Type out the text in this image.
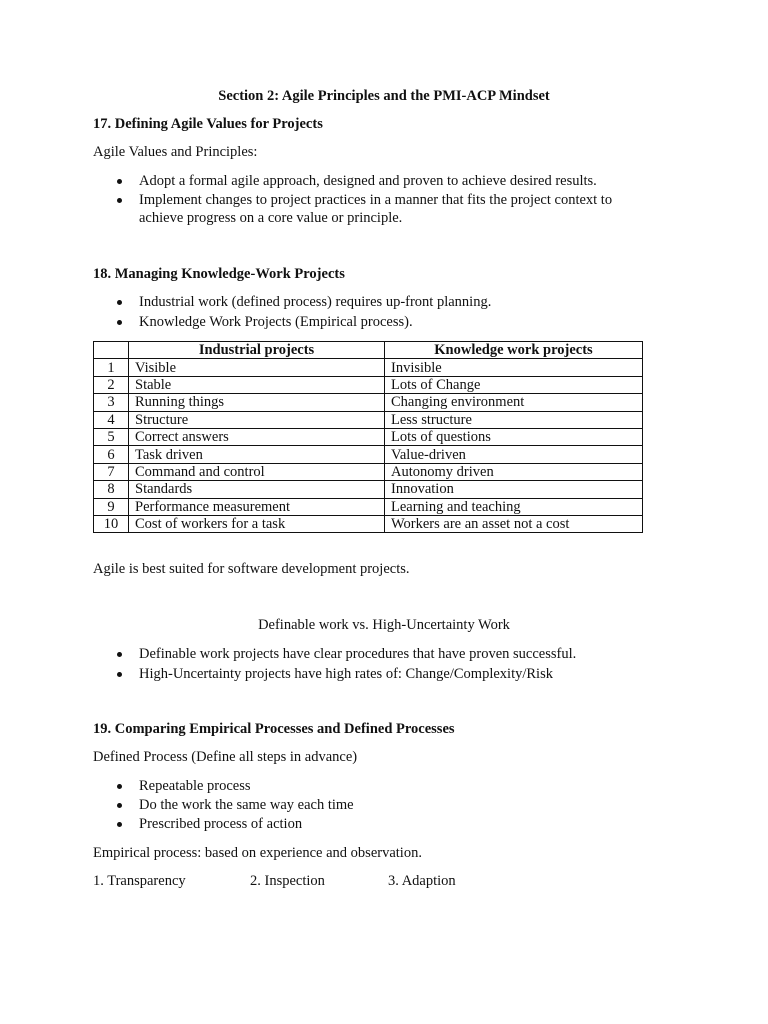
Section 2: Agile Principles and the PMI-ACP Mindset
17. Defining Agile Values for Projects
Agile Values and Principles:
Adopt a formal agile approach, designed and proven to achieve desired results.
Implement changes to project practices in a manner that fits the project context to
achieve progress on a core value or principle.
18. Managing Knowledge-Work Projects
Industrial work (defined process) requires up-front planning.
Knowledge Work Projects (Empirical process).
	Industrial projects	Knowledge work projects
1	Visible	Invisible
2	Stable	Lots of Change
3	Running things	Changing environment
4	Structure	Less structure
5	Correct answers	Lots of questions
6	Task driven	Value-driven
7	Command and control	Autonomy driven
8	Standards	Innovation
9	Performance measurement	Learning and teaching
10	Cost of workers for a task	Workers are an asset not a cost
Agile is best suited for software development projects.
Definable work vs. High-Uncertainty Work
Definable work projects have clear procedures that have proven successful.
High-Uncertainty projects have high rates of: Change/Complexity/Risk
19. Comparing Empirical Processes and Defined Processes
Defined Process (Define all steps in advance)
Repeatable process
Do the work the same way each time
Prescribed process of action
Empirical process: based on experience and observation.
1. Transparency	2. Inspection	3. Adaption
